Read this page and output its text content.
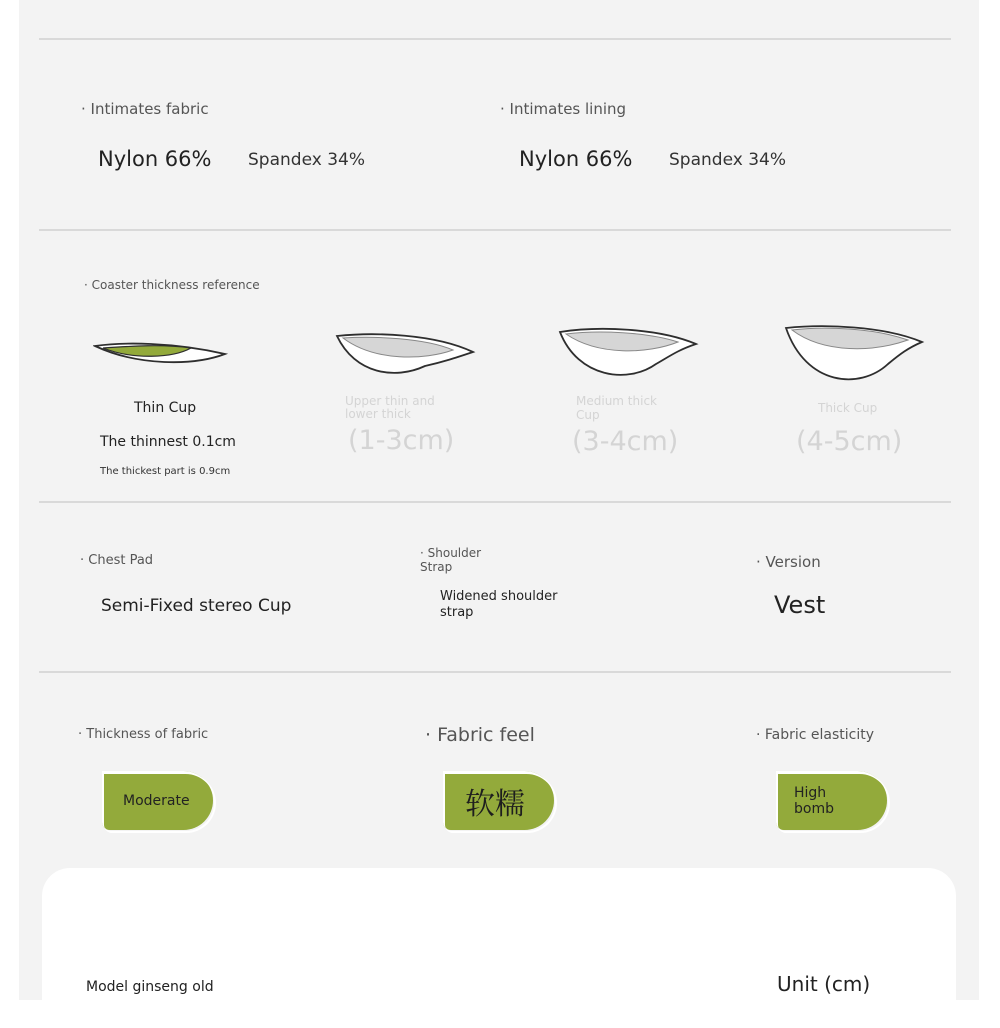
· Intimates fabric
Nylon 66% Spandex 34%
· Intimates lining
Nylon 66% Spandex 34%
· Coaster thickness reference
Thin Cup
The thinnest 0.1cm
The thickest part is 0.9cm
Upper thin and
lower thick
(1-3cm)
Medium thick
Cup
(3-4cm)
Thick Cup
(4-5cm)
· Chest Pad
Semi-Fixed stereo Cup
· Shoulder
Strap
Widened shoulder
strap
· Version
Vest
· Thickness of fabric
Moderate
· Fabric feel
软糯
· Fabric elasticity
High
bomb
Model ginseng old	Unit (cm)
